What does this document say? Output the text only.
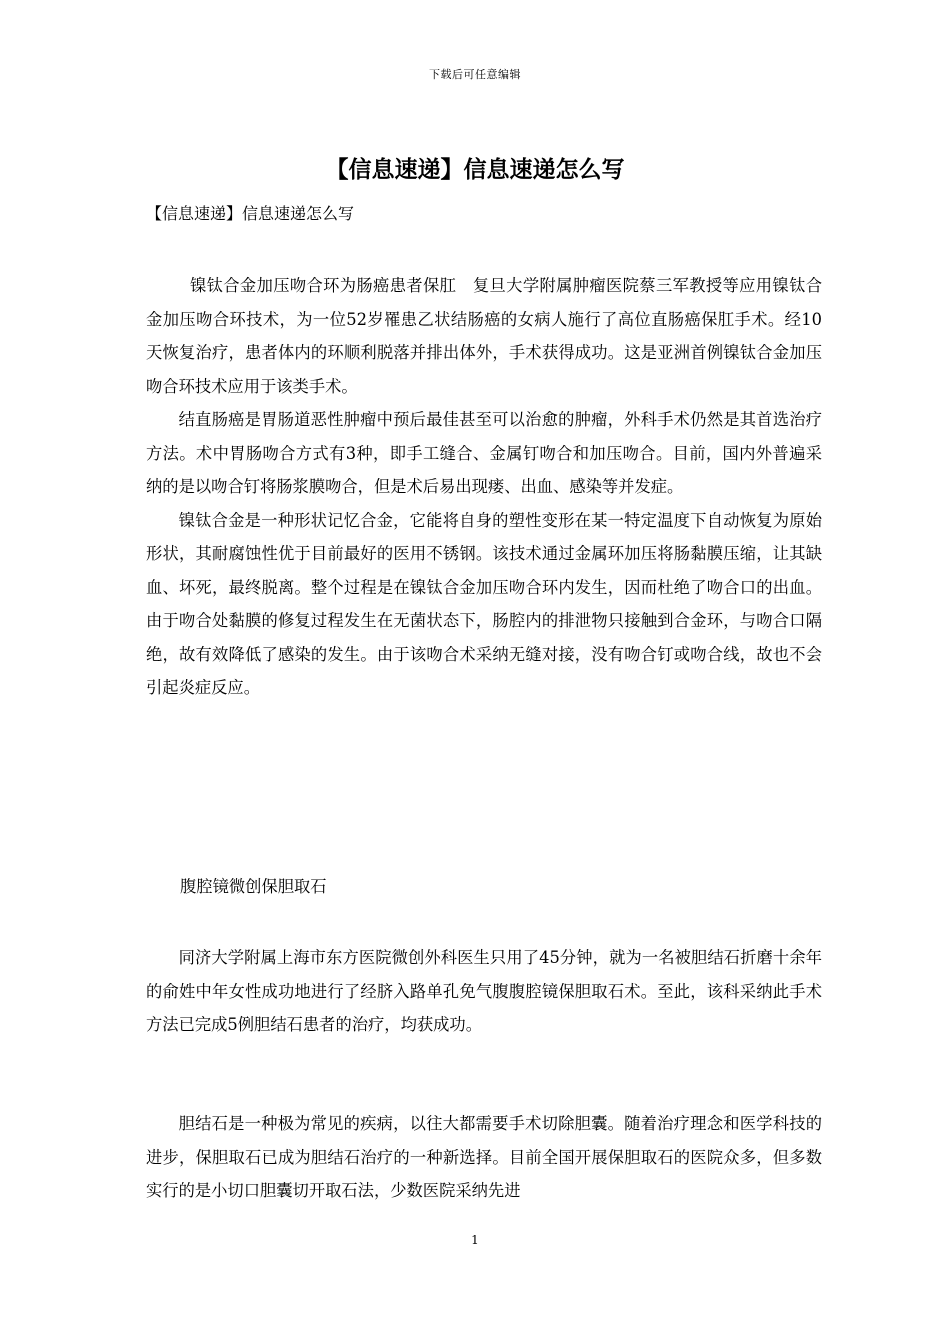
下载后可任意编辑
【信息速递】信息速递怎么写
【信息速递】信息速递怎么写

镍钛合金加压吻合环为肠癌患者保肛　复旦大学附属肿瘤医院蔡三军教授等应用镍钛合金加压吻合环技术，为一位52岁罹患乙状结肠癌的女病人施行了高位直肠癌保肛手术。经10天恢复治疗，患者体内的环顺利脱落并排出体外，手术获得成功。这是亚洲首例镍钛合金加压吻合环技术应用于该类手术。

结直肠癌是胃肠道恶性肿瘤中预后最佳甚至可以治愈的肿瘤，外科手术仍然是其首选治疗方法。术中胃肠吻合方式有3种，即手工缝合、金属钉吻合和加压吻合。目前，国内外普遍采纳的是以吻合钉将肠浆膜吻合，但是术后易出现瘘、出血、感染等并发症。

镍钛合金是一种形状记忆合金，它能将自身的塑性变形在某一特定温度下自动恢复为原始形状，其耐腐蚀性优于目前最好的医用不锈钢。该技术通过金属环加压将肠黏膜压缩，让其缺血、坏死，最终脱离。整个过程是在镍钛合金加压吻合环内发生，因而杜绝了吻合口的出血。由于吻合处黏膜的修复过程发生在无菌状态下，肠腔内的排泄物只接触到合金环，与吻合口隔绝，故有效降低了感染的发生。由于该吻合术采纳无缝对接，没有吻合钉或吻合线，故也不会引起炎症反应。

腹腔镜微创保胆取石

同济大学附属上海市东方医院微创外科医生只用了45分钟，就为一名被胆结石折磨十余年的俞姓中年女性成功地进行了经脐入路单孔免气腹腹腔镜保胆取石术。至此，该科采纳此手术方法已完成5例胆结石患者的治疗，均获成功。

胆结石是一种极为常见的疾病，以往大都需要手术切除胆囊。随着治疗理念和医学科技的进步，保胆取石已成为胆结石治疗的一种新选择。目前全国开展保胆取石的医院众多，但多数实行的是小切口胆囊切开取石法，少数医院采纳先进

1
